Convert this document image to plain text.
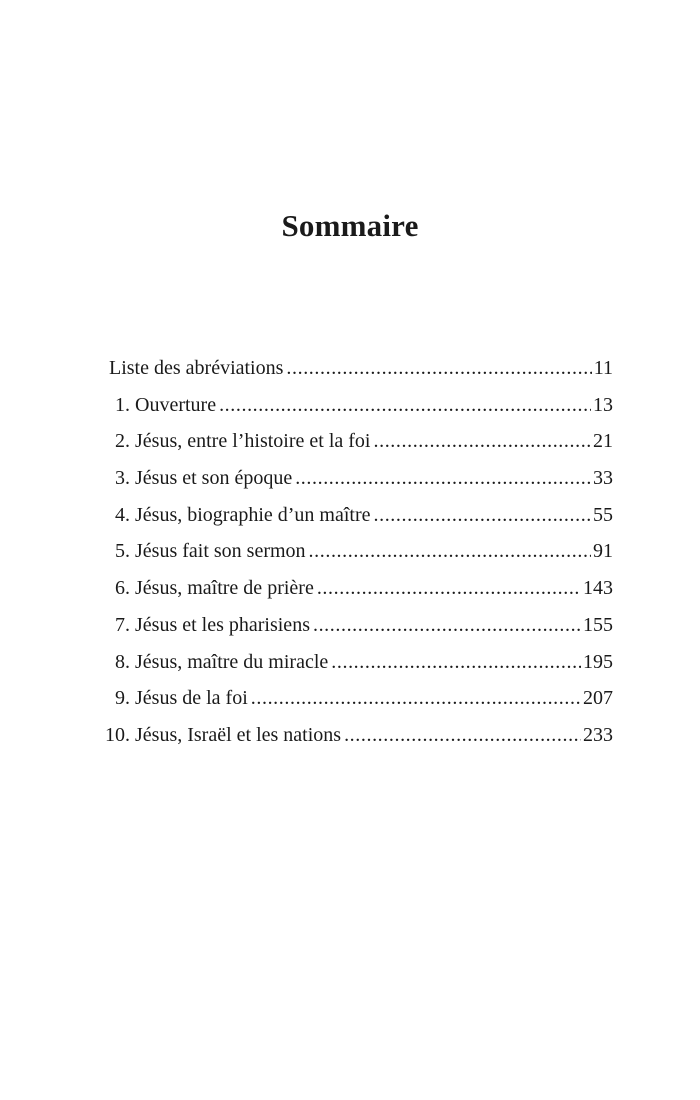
Sommaire
Liste des abréviations . . .	11
1. Ouverture . . .	13
2. Jésus, entre l’histoire et la foi . . .	21
3. Jésus et son époque . . .	33
4. Jésus, biographie d’un maître . . .	55
5. Jésus fait son sermon . . .	91
6. Jésus, maître de prière . . .	143
7. Jésus et les pharisiens . . .	155
8. Jésus, maître du miracle . . .	195
9. Jésus de la foi . . .	207
10. Jésus, Israël et les nations . . .	233
